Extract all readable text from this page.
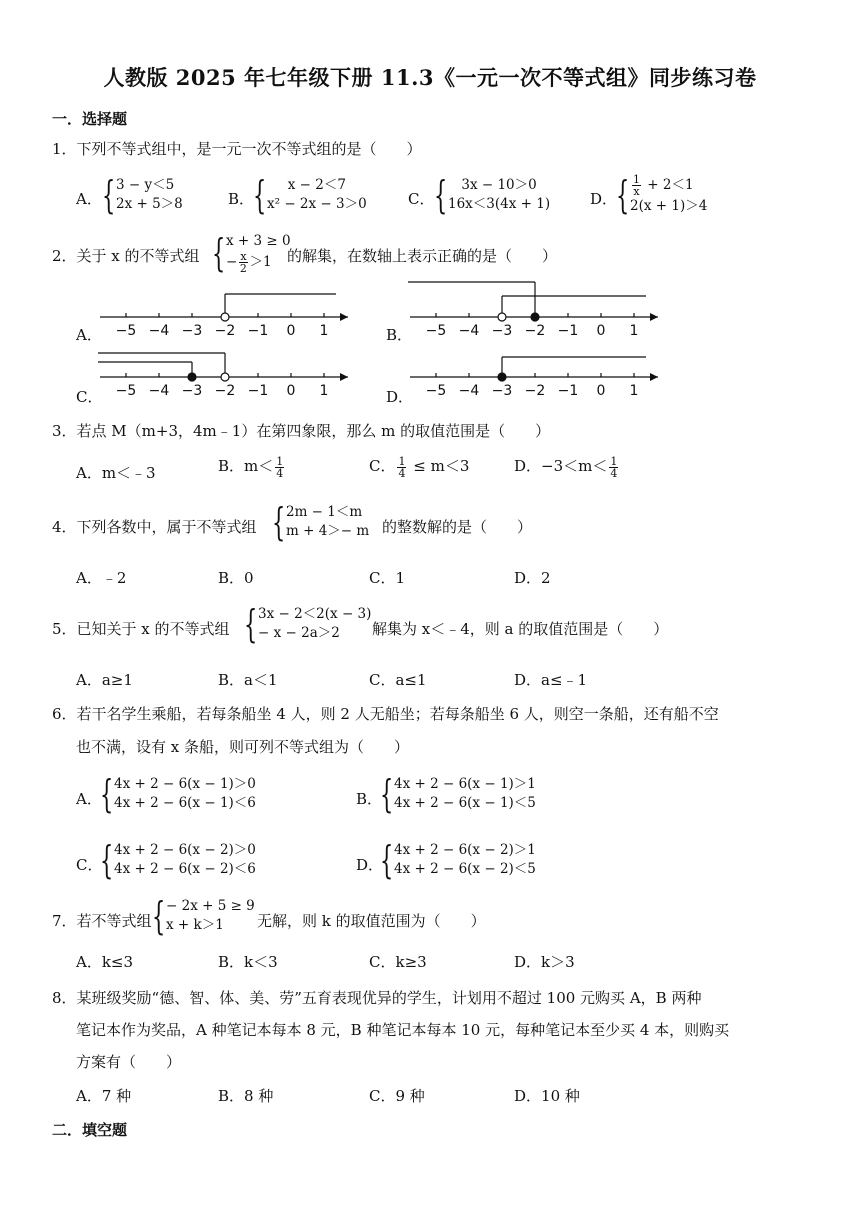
人教版 2025 年七年级下册 11.3《一元一次不等式组》同步练习卷
一．选择题
1．下列不等式组中，是一元一次不等式组的是（　　）
A． { 3 − y＜5
2x + 5＞8	B．
{ x − 2＜7
x² − 2x − 3＞0	C． { 3x − 10＞0
16x＜3(4x + 1)	D．
{ $\frac{1}{x} + 2<1$
2(x + 1)＞4
2．关于 x 的不等式组 { x + 3 ≥ 0
− $\frac{x}{2} >1$	的解集，在数轴上表示正确的是（　　）
A．	B．
C．	D．
−5 −4 −3 −2 −1 0 1	−5 −4 −3 −2 −1 0 1
−5 −4 −3 −2 −1 0 1	−5 −4 −3 −2 −1 0 1
3．若点 M（m+3，4m﹣1）在第四象限，那么 m 的取值范围是（　　）
A．m＜﹣3	B．$m< \frac{1}{4}$	C． $\frac{1}{4} \le m<3$	D．$-3<m< \frac{1}{4}$
4．下列各数中，属于不等式组 { 2m − 1＜m
m + 4＞− m 的整数解的是（　　）
A．﹣2	B．0	C．1	D．2
5．已知关于 x 的不等式组 { 3x − 2＜2(x − 3)
− x − 2a＞2	解集为 x＜﹣4，则 a 的取值范围是（　　）
A．a≥1	B．a＜1	C．a≤1	D．a≤﹣1
6．若干名学生乘船，若每条船坐 4 人，则 2 人无船坐；若每条船坐 6 人，则空一条船，还有船不空
也不满，设有 x 条船，则可列不等式组为（　　）
A．
{ 4x + 2 − 6(x − 1)＞0
4x + 2 − 6(x − 1)＜6	B．
{ 4x + 2 − 6(x − 1)＞1
4x + 2 − 6(x − 1)＜5
C．
{ 4x + 2 − 6(x − 2)＞0
4x + 2 − 6(x − 2)＜6	D．
{ 4x + 2 − 6(x − 2)＞1
4x + 2 − 6(x − 2)＜5
7．若不等式组 { − 2x + 5 ≥ 9
x + k＞1	无解，则 k 的取值范围为（　　）
A．k≤3	B．k＜3	C．k≥3	D．k＞3
8．某班级奖励“德、智、体、美、劳”五育表现优异的学生，计划用不超过 100 元购买 A，B 两种
笔记本作为奖品，A 种笔记本每本 8 元，B 种笔记本每本 10 元，每种笔记本至少买 4 本，则购买
方案有（　　）
A．7 种	B．8 种	C．9 种	D．10 种
二．填空题
